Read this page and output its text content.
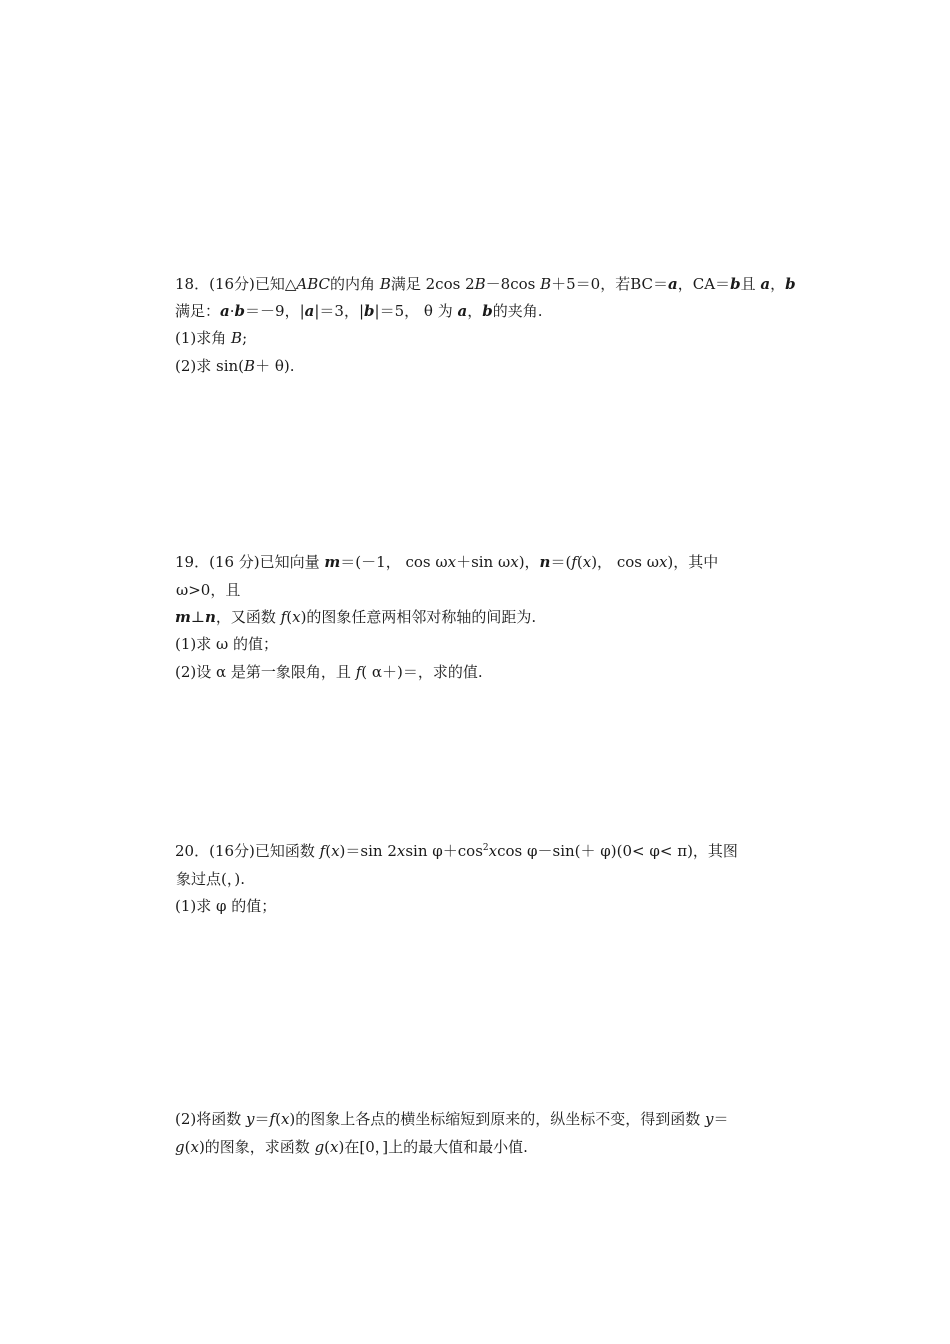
18．(16分)已知△ABC的内角 B满足 2cos 2B－8cos B＋5＝0，若BC＝a，CA＝b且 a，b
满足：a·b＝－9，|a|＝3，|b|＝5， θ 为 a，b的夹角.
(1)求角 B;
(2)求 sin(B＋ θ).
19．(16 分)已知向量 m＝(－1， cos ωx＋sin ωx)，n＝(f(x)， cos ωx)，其中
ω>0，且
m⊥n，又函数 f(x)的图象任意两相邻对称轴的间距为.
(1)求 ω 的值；
(2)设 α 是第一象限角，且 f( α＋)＝，求的值.
20．(16分)已知函数 f(x)＝sin 2xsin $\varphi+\cos^2xcos$ φ－sin(＋ φ)(0< φ< π)，其图
象过点(，).
(1)求 φ 的值；
(2)将函数 y＝f(x)的图象上各点的横坐标缩短到原来的，纵坐标不变，得到函数 y＝
g(x)的图象，求函数 g(x)在[0，]上的最大值和最小值.
